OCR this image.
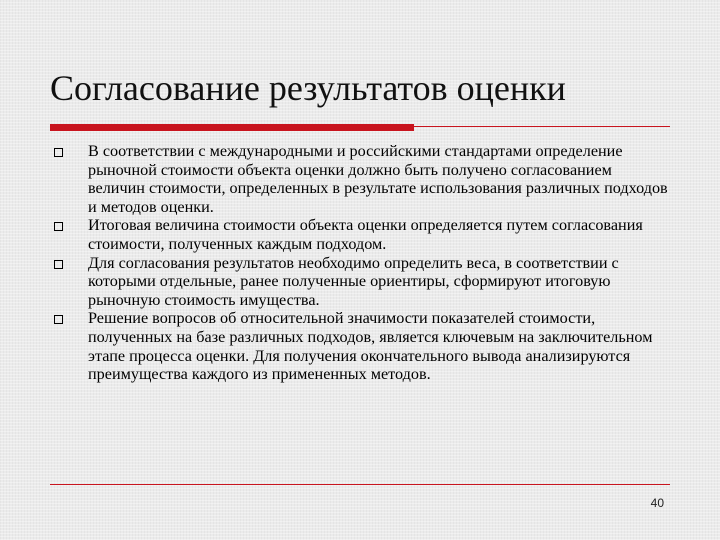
Согласование результатов оценки
В соответствии с международными и российскими стандартами определение рыночной стоимости объекта оценки должно быть получено согласованием величин стоимости, определенных в результате использования различных подходов и методов оценки.
Итоговая величина стоимости объекта оценки определяется путем согласования стоимости, полученных каждым подходом.
Для согласования результатов необходимо определить веса, в соответствии с которыми отдельные, ранее полученные ориентиры, сформируют итоговую рыночную стоимость имущества.
Решение вопросов об относительной значимости показателей стоимости, полученных на базе различных подходов, является ключевым на заключительном этапе процесса оценки. Для получения окончательного вывода анализируются преимущества каждого из примененных методов.
40
